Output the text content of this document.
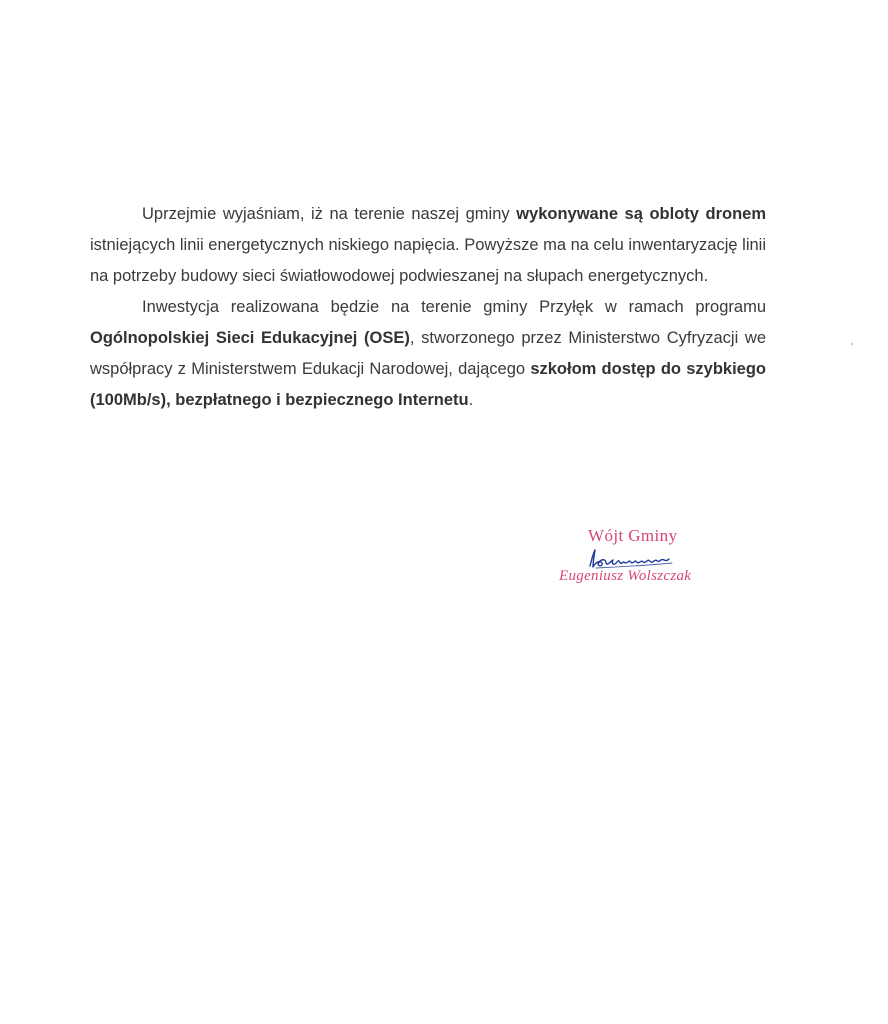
Uprzejmie wyjaśniam, iż na terenie naszej gminy wykonywane są obloty dronem istniejących linii energetycznych niskiego napięcia. Powyższe ma na celu inwentaryzację linii na potrzeby budowy sieci światłowodowej podwieszanej na słupach energetycznych.

Inwestycja realizowana będzie na terenie gminy Przyłęk w ramach programu Ogólnopolskiej Sieci Edukacyjnej (OSE), stworzonego przez Ministerstwo Cyfryzacji we współpracy z Ministerstwem Edukacji Narodowej, dającego szkołom dostęp do szybkiego (100Mb/s), bezpłatnego i bezpiecznego Internetu.

Wójt Gminy
Eugeniusz Wolszczak
